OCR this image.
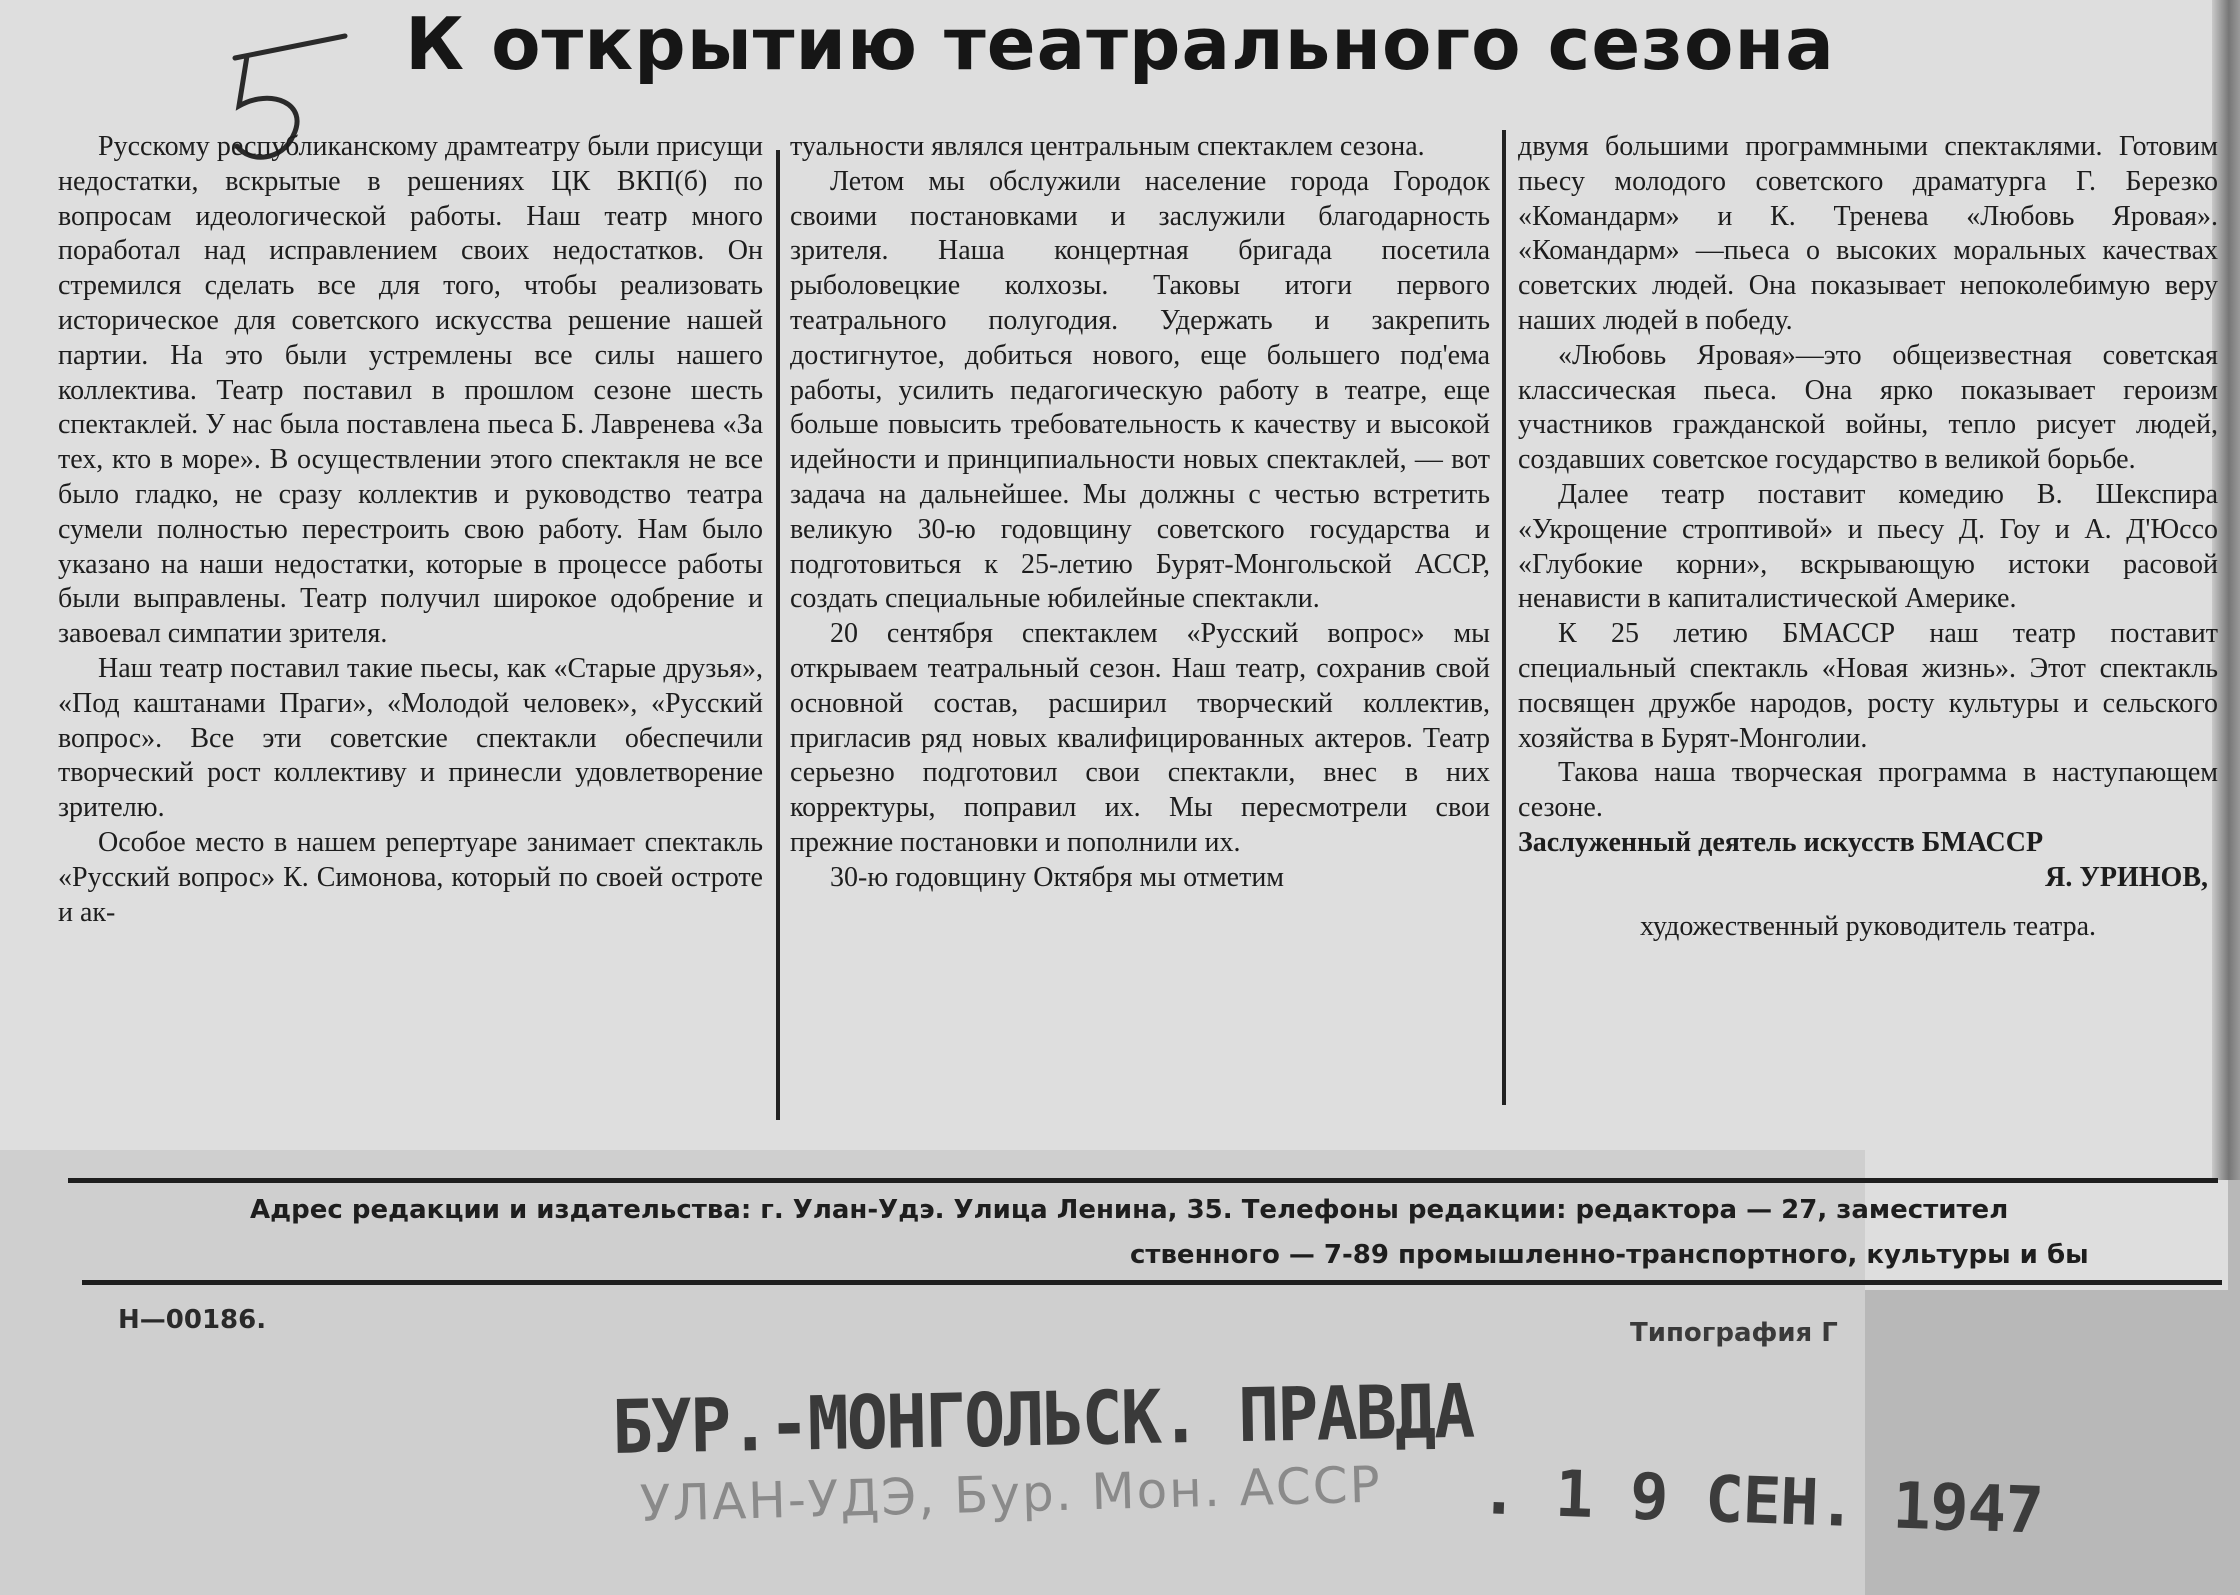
К открытию театрального сезона

Русскому республиканскому драмтеатру были присущи недостатки, вскрытые в решениях ЦК ВКП(б) по вопросам идеологической работы. Наш театр много поработал над исправлением своих недостатков. Он стремился сделать все для того, чтобы реализовать историческое для советского искусства решение нашей партии. На это были устремлены все силы нашего коллектива. Театр поставил в прошлом сезоне шесть спектаклей. У нас была поставлена пьеса Б. Лавренева «За тех, кто в море». В осуществлении этого спектакля не все было гладко, не сразу коллектив и руководство театра сумели полностью перестроить свою работу. Нам было указано на наши недостатки, которые в процессе работы были выправлены. Театр получил широкое одобрение и завоевал симпатии зрителя.

Наш театр поставил такие пьесы, как «Старые друзья», «Под каштанами Праги», «Молодой человек», «Русский вопрос». Все эти советские спектакли обеспечили творческий рост коллективу и принесли удовлетворение зрителю.

Особое место в нашем репертуаре занимает спектакль «Русский вопрос» К. Симонова, который по своей остроте и ак-

туальности являлся центральным спектаклем сезона.

Летом мы обслужили население города Городок своими постановками и заслужили благодарность зрителя. Наша концертная бригада посетила рыболовецкие колхозы. Таковы итоги первого театрального полугодия. Удержать и закрепить достигнутое, добиться нового, еще большего под'ема работы, усилить педагогическую работу в театре, еще больше повысить требовательность к качеству и высокой идейности и принципиальности новых спектаклей, — вот задача на дальнейшее. Мы должны с честью встретить великую 30-ю годовщину советского государства и подготовиться к 25-летию Бурят-Монгольской АССР, создать специальные юбилейные спектакли.

20 сентября спектаклем «Русский вопрос» мы открываем театральный сезон. Наш театр, сохранив свой основной состав, расширил творческий коллектив, пригласив ряд новых квалифицированных актеров. Театр серьезно подготовил свои спектакли, внес в них корректуры, поправил их. Мы пересмотрели свои прежние постановки и пополнили их.

30-ю годовщину Октября мы отметим

двумя большими программными спектаклями. Готовим пьесу молодого советского драматурга Г. Березко «Командарм» и К. Тренева «Любовь Яровая». «Командарм» —пьеса о высоких моральных качествах советских людей. Она показывает непоколебимую веру наших людей в победу.

«Любовь Яровая»—это общеизвестная советская классическая пьеса. Она ярко показывает героизм участников гражданской войны, тепло рисует людей, создавших советское государство в великой борьбе.

Далее театр поставит комедию В. Шекспира «Укрощение строптивой» и пьесу Д. Гоу и А. Д'Юссо «Глубокие корни», вскрывающую истоки расовой ненависти в капиталистической Америке.

К 25 летию БМАССР наш театр поставит специальный спектакль «Новая жизнь». Этот спектакль посвящен дружбе народов, росту культуры и сельского хозяйства в Бурят-Монголии.

Такова наша творческая программа в наступающем сезоне.

Заслуженный деятель искусств БМАССР

Я. УРИНОВ,

художественный руководитель театра.

Адрес редакции и издательства: г. Улан-Удэ. Улица Ленина, 35. Телефоны редакции: редактора — 27, заместител
ственного — 7-89 промышленно-транспортного, культуры и бы
Н—00186.	Типография Г
БУР.-МОНГОЛЬСК. ПРАВДА
УЛАН-УДЭ, Бур. Мон. АССР . 1 9 СЕН. 1947
